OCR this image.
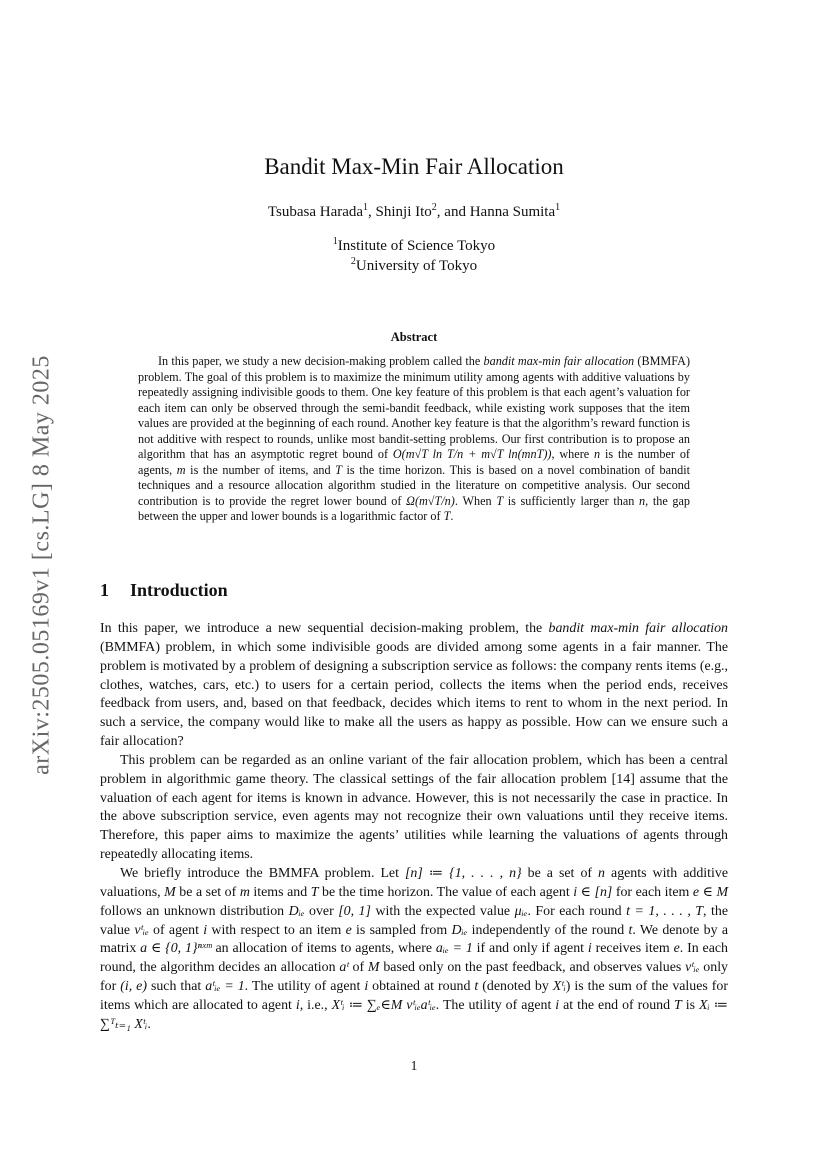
arXiv:2505.05169v1 [cs.LG] 8 May 2025
Bandit Max-Min Fair Allocation
Tsubasa Harada$^1$, Shinji Ito$^2$, and Hanna Sumita$^1$
$^1$Institute of Science Tokyo
$^2$University of Tokyo
Abstract

In this paper, we study a new decision-making problem called the bandit max-min fair allocation (BMMFA) problem. The goal of this problem is to maximize the minimum utility among agents with additive valuations by repeatedly assigning indivisible goods to them. One key feature of this problem is that each agent’s valuation for each item can only be observed through the semi-bandit feedback, while existing work supposes that the item values are provided at the beginning of each round. Another key feature is that the algorithm’s reward function is not additive with respect to rounds, unlike most bandit-setting problems. Our first contribution is to propose an algorithm that has an asymptotic regret bound of O(m√T ln T/n + m√T ln(mnT)), where n is the number of agents, m is the number of items, and T is the time horizon. This is based on a novel combination of bandit techniques and a resource allocation algorithm studied in the literature on competitive analysis. Our second contribution is to provide the regret lower bound of Ω(m√T/n). When T is sufficiently larger than n, the gap between the upper and lower bounds is a logarithmic factor of T.

1 Introduction

In this paper, we introduce a new sequential decision-making problem, the bandit max-min fair allocation (BMMFA) problem, in which some indivisible goods are divided among some agents in a fair manner. The problem is motivated by a problem of designing a subscription service as follows: the company rents items (e.g., clothes, watches, cars, etc.) to users for a certain period, collects the items when the period ends, receives feedback from users, and, based on that feedback, decides which items to rent to whom in the next period. In such a service, the company would like to make all the users as happy as possible. How can we ensure such a fair allocation?

This problem can be regarded as an online variant of the fair allocation problem, which has been a central problem in algorithmic game theory. The classical settings of the fair allocation problem [14] assume that the valuation of each agent for items is known in advance. However, this is not necessarily the case in practice. In the above subscription service, even agents may not recognize their own valuations until they receive items. Therefore, this paper aims to maximize the agents’ utilities while learning the valuations of agents through repeatedly allocating items.

We briefly introduce the BMMFA problem. Let [n] ≔ {1, . . . , n} be a set of n agents with additive valuations, M be a set of m items and T be the time horizon. The value of each agent i ∈ [n] for each item e ∈ M follows an unknown distribution Dᵢₑ over [0, 1] with the expected value μᵢₑ. For each round t = 1, . . . , T, the value vᵗᵢₑ of agent i with respect to an item e is sampled from Dᵢₑ independently of the round t. We denote by a matrix a ∈ {0, 1}ⁿˣᵐ an allocation of items to agents, where aᵢₑ = 1 if and only if agent i receives item e. In each round, the algorithm decides an allocation aᵗ of M based only on the past feedback, and observes values vᵗᵢₑ only for (i, e) such that aᵗᵢₑ = 1. The utility of agent i obtained at round t (denoted by Xᵗᵢ) is the sum of the values for items which are allocated to agent i, i.e., Xᵗᵢ ≔ ∑ₑ∈M vᵗᵢₑaᵗᵢₑ. The utility of agent i at the end of round T is Xᵢ ≔ ∑ᵀₜ₌₁ Xᵗᵢ.

1
